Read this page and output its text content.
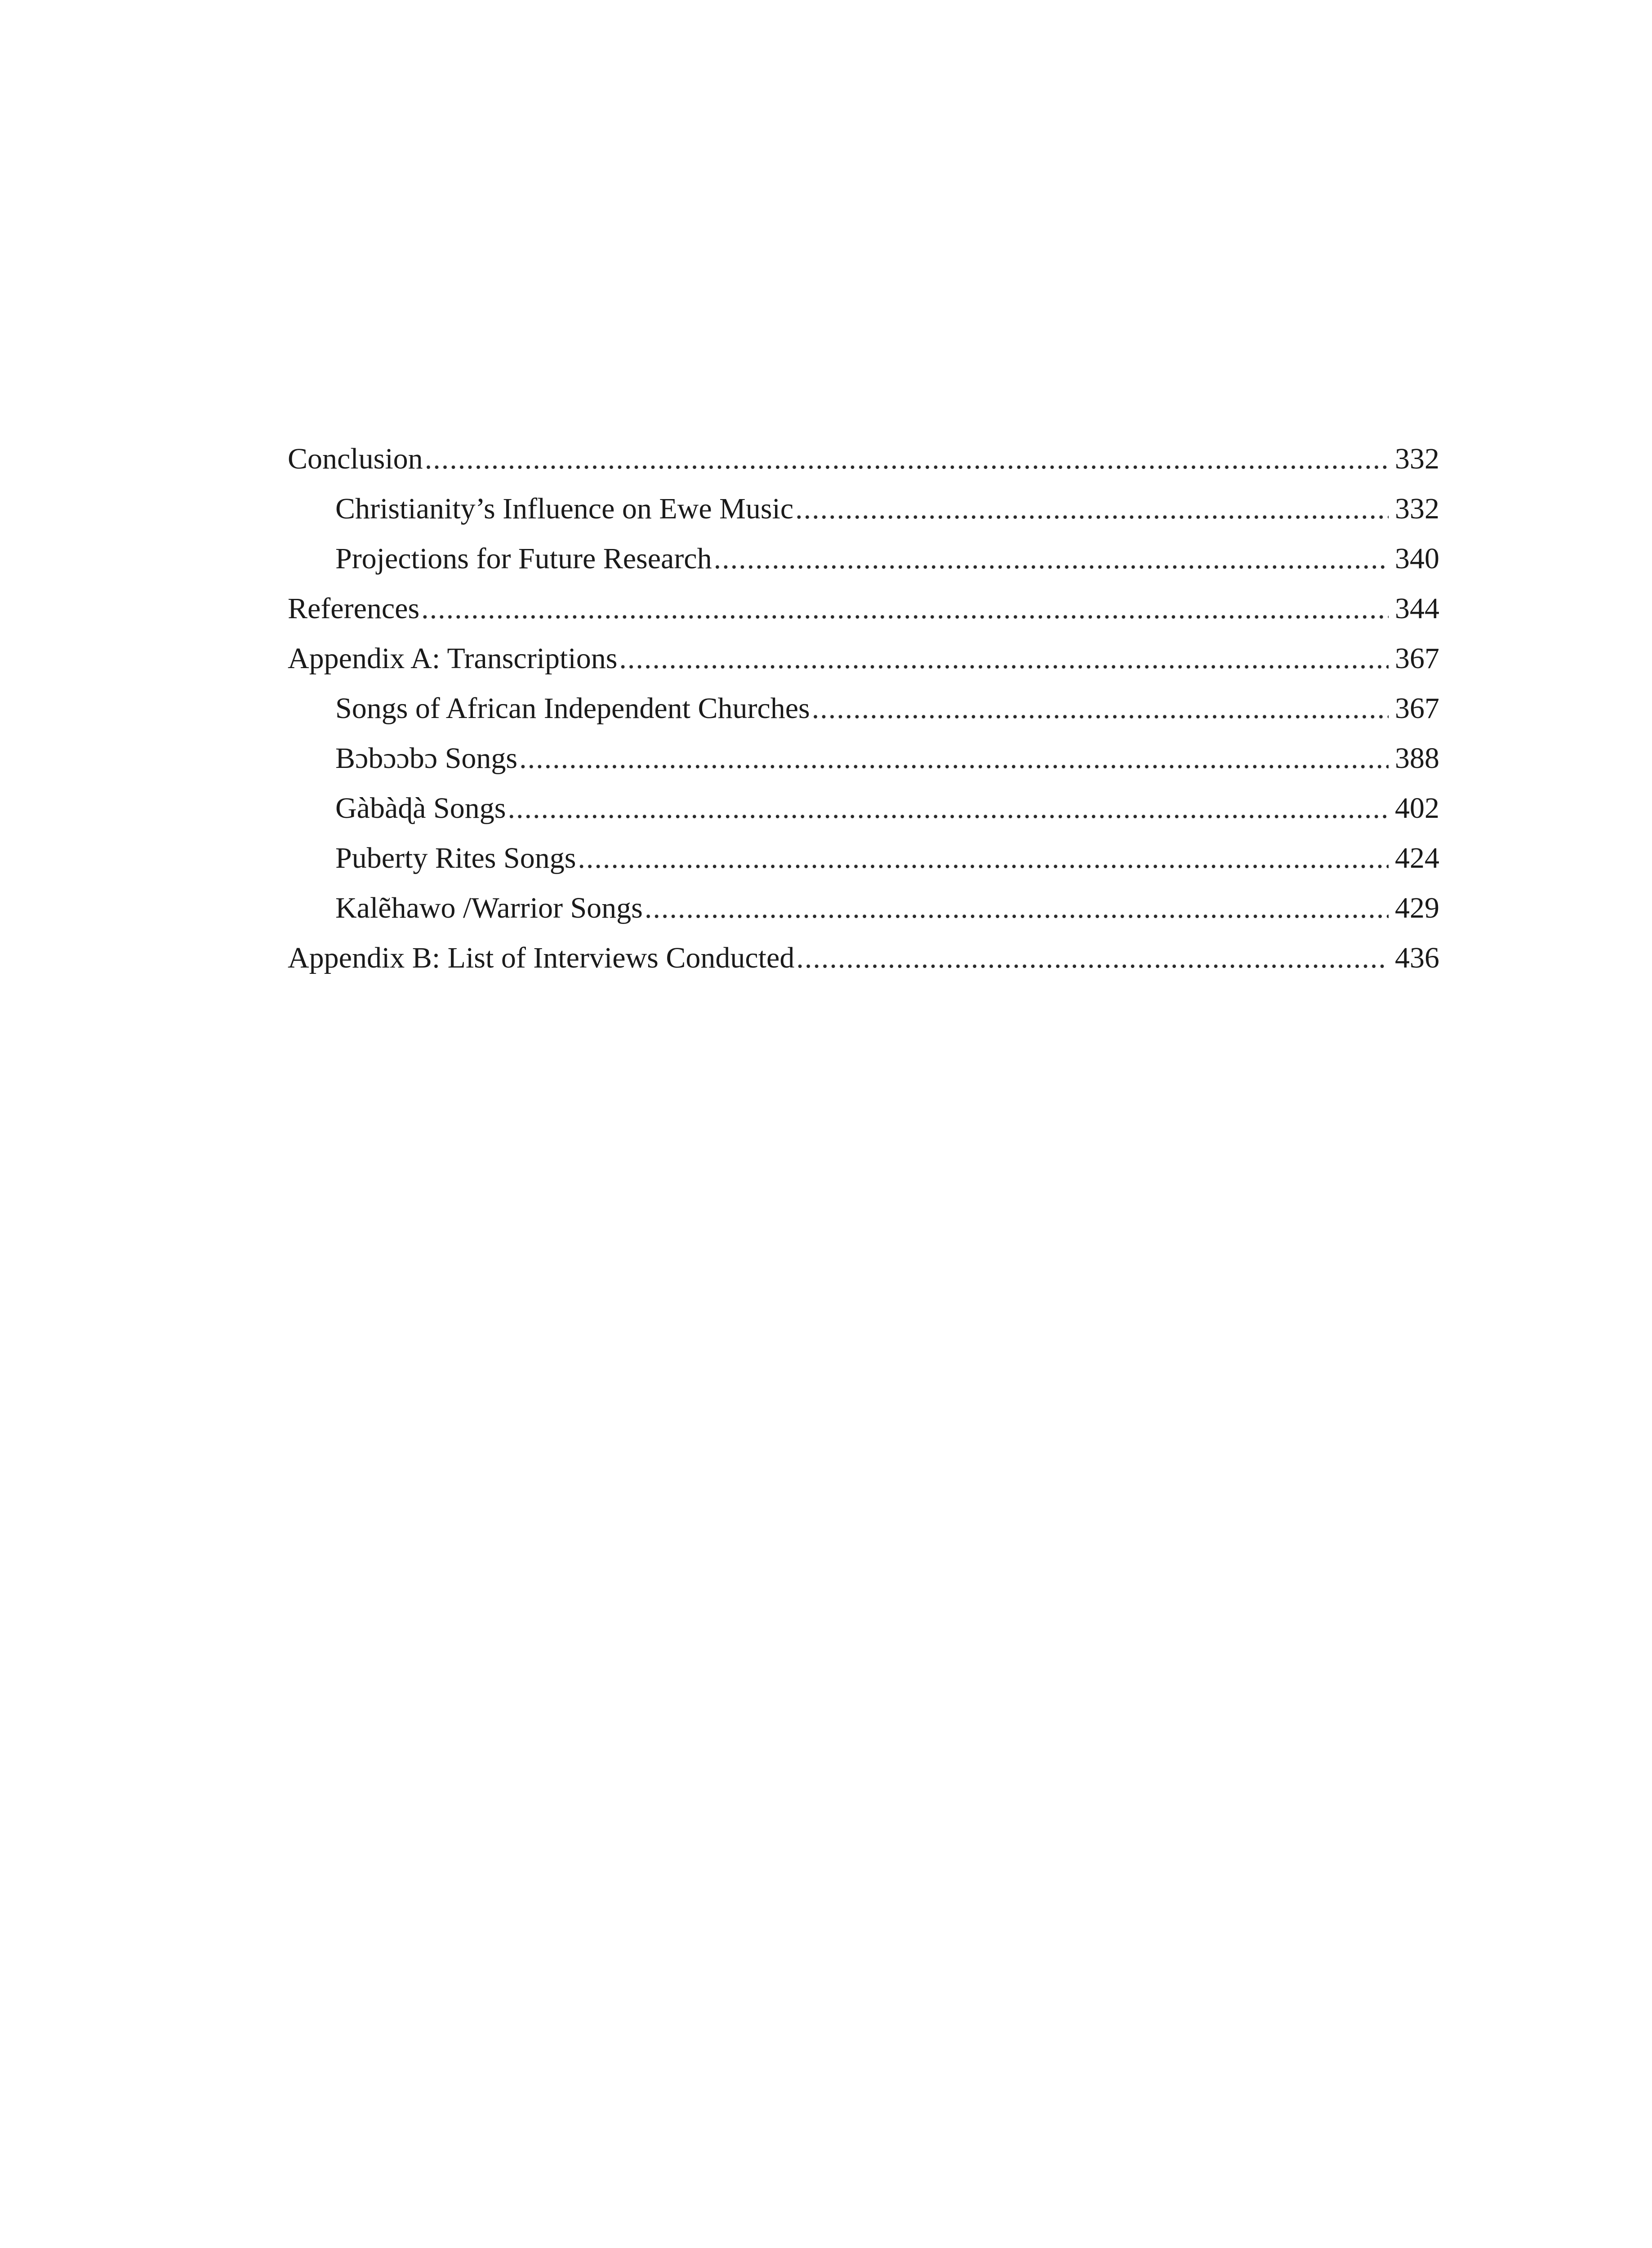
Conclusion .....	332
Christianity’s Influence on Ewe Music .....	332
Projections for Future Research .....	340
References .....	344
Appendix A: Transcriptions .....	367
Songs of African Independent Churches .....	367
Bɔbɔɔbɔ Songs .....	388
Gàbàɖà Songs .....	402
Puberty Rites Songs .....	424
Kalẽhawo /Warrior Songs .....	429
Appendix B: List of Interviews Conducted .....	436
